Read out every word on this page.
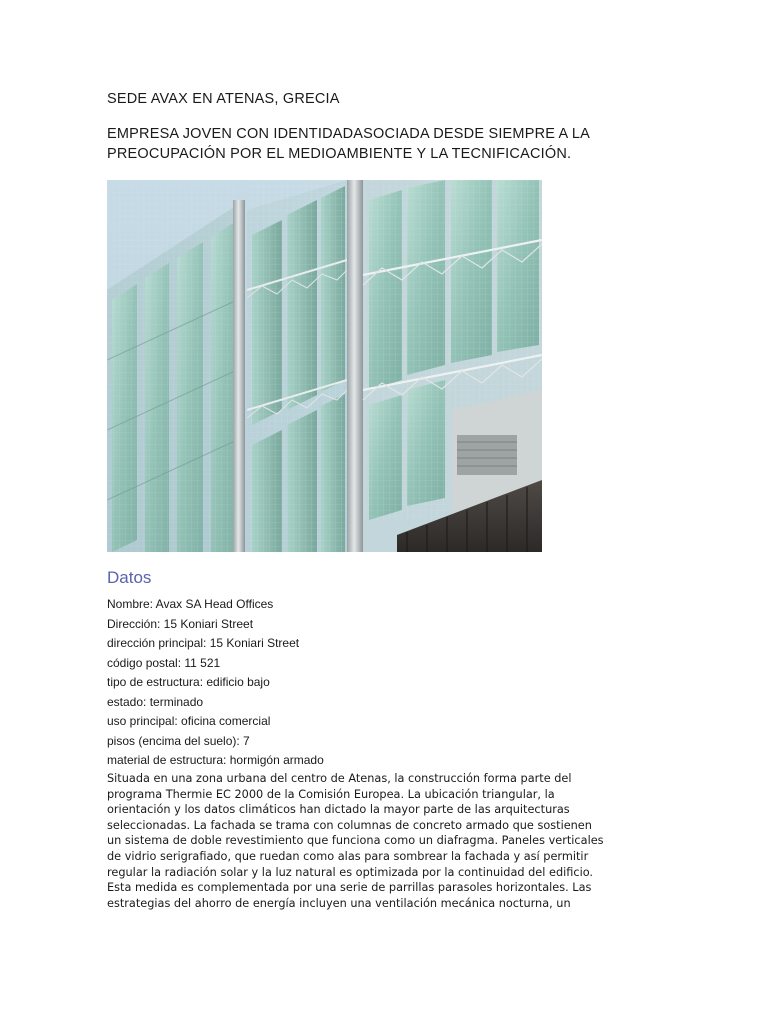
SEDE AVAX EN ATENAS, GRECIA

EMPRESA JOVEN CON IDENTIDADASOCIADA DESDE SIEMPRE A LA
PREOCUPACIÓN POR EL MEDIOAMBIENTE Y LA TECNIFICACIÓN.

Datos
Nombre: Avax SA Head Offices
Dirección: 15 Koniari Street
dirección principal: 15 Koniari Street
código postal: 11 521
tipo de estructura: edificio bajo
estado: terminado
uso principal: oficina comercial
pisos (encima del suelo): 7
material de estructura: hormigón armado

Situada en una zona urbana del centro de Atenas, la construcción forma parte del
programa Thermie EC 2000 de la Comisión Europea. La ubicación triangular, la
orientación y los datos climáticos han dictado la mayor parte de las arquitecturas
seleccionadas. La fachada se trama con columnas de concreto armado que sostienen
un sistema de doble revestimiento que funciona como un diafragma. Paneles verticales
de vidrio serigrafiado, que ruedan como alas para sombrear la fachada y así permitir
regular la radiación solar y la luz natural es optimizada por la continuidad del edificio.
Esta medida es complementada por una serie de parrillas parasoles horizontales. Las
estrategias del ahorro de energía incluyen una ventilación mecánica nocturna, un
